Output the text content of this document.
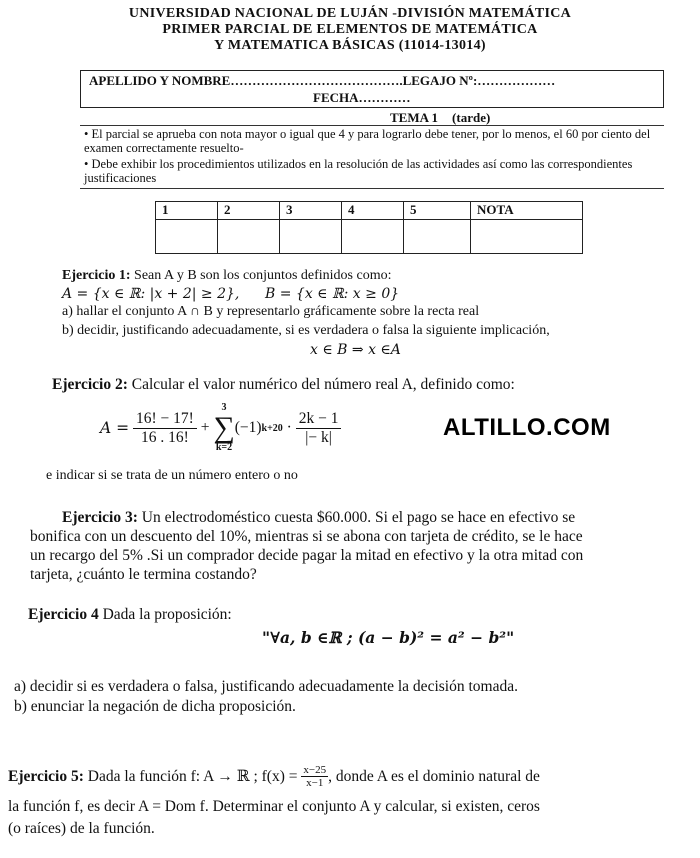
UNIVERSIDAD NACIONAL DE LUJÁN -DIVISIÓN MATEMÁTICA
PRIMER PARCIAL DE ELEMENTOS DE MATEMÁTICA
Y MATEMATICA BÁSICAS (11014-13014)
APELLIDO Y NOMBRE………………………………….LEGAJO Nº:………………
FECHA…………
TEMA 1 (tarde)
• El parcial se aprueba con nota mayor o igual que 4 y para lograrlo debe tener, por lo menos, el 60 por ciento del examen correctamente resuelto-
• Debe exhibir los procedimientos utilizados en la resolución de las actividades así como las correspondientes justificaciones
1	2	3	4	5	NOTA

Ejercicio 1: Sean A y B son los conjuntos definidos como:
A = {x ∈ ℝ: |x + 2| ≥ 2}, B = {x ∈ ℝ: x ≥ 0}
a) hallar el conjunto A ∩ B y representarlo gráficamente sobre la recta real
b) decidir, justificando adecuadamente, si es verdadera o falsa la siguiente implicación,
x ∈ B ⇒ x ∈A
Ejercicio 2: Calcular el valor numérico del número real A, definido como:
A =
$\frac{16! - 17!}{16 . 16!}$
+

3
∑
k=2
(−1) k+20
·
$\frac{2k - 1}{|- k|}$	ALTILLO.COM
e indicar si se trata de un número entero o no
Ejercicio 3: Un electrodoméstico cuesta $60.000. Si el pago se hace en efectivo se
bonifica con un descuento del 10%, mientras si se abona con tarjeta de crédito, se le hace
un recargo del 5% .Si un comprador decide pagar la mitad en efectivo y la otra mitad con
tarjeta, ¿cuánto le termina costando?
Ejercicio 4 Dada la proposición:
"∀a, b ∈ℝ ; (a − b)² = a² − b²"
a) decidir si es verdadera o falsa, justificando adecuadamente la decisión tomada.
b) enunciar la negación de dicha proposición.
Ejercicio 5:
Dada la función f: A → ℝ ; f(x) =
$\frac{x-25}{x-1}$ , donde A es el dominio natural de
la función f, es decir A = Dom f. Determinar el conjunto A y calcular, si existen, ceros
(o raíces) de la función.
